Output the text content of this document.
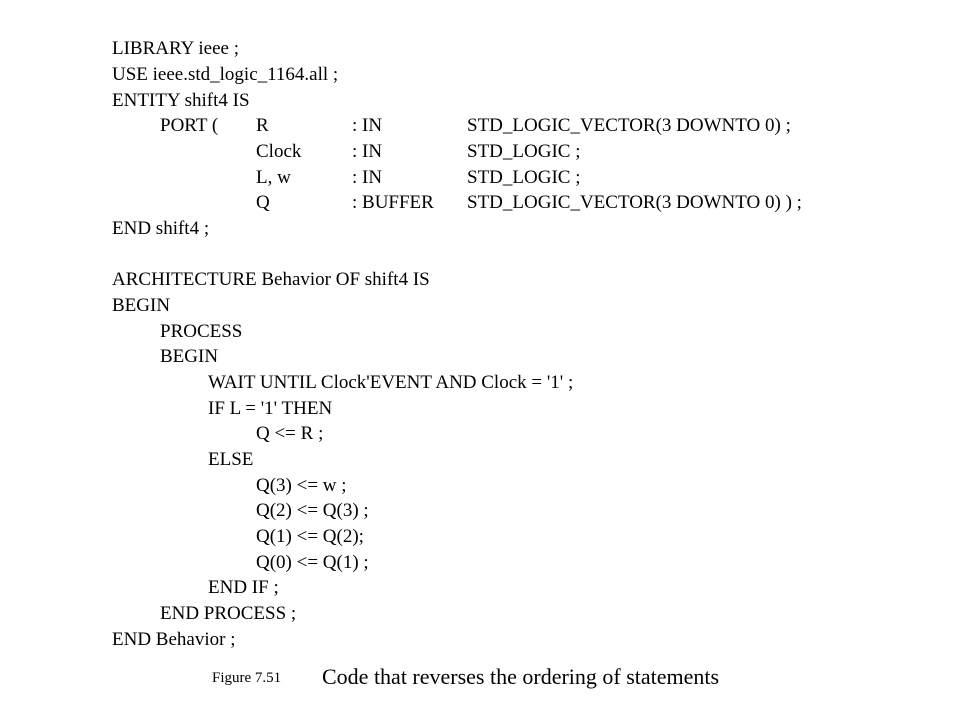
LIBRARY ieee ;
USE ieee.std_logic_1164.all ;
ENTITY shift4 IS
PORT ( R	: IN	STD_LOGIC_VECTOR(3 DOWNTO 0) ;
Clock	: IN	STD_LOGIC ;
L, w	: IN	STD_LOGIC ;
Q	: BUFFER STD_LOGIC_VECTOR(3 DOWNTO 0) ) ;
END shift4 ;
ARCHITECTURE Behavior OF shift4 IS
BEGIN
PROCESS
BEGIN
WAIT UNTIL Clock'EVENT AND Clock = '1' ;
IF L = '1' THEN
Q <= R ;
ELSE
Q(3) <= w ;
Q(2) <= Q(3) ;
Q(1) <= Q(2);
Q(0) <= Q(1) ;
END IF ;
END PROCESS ;
END Behavior ;
Figure 7.51 Code that reverses the ordering of statements
